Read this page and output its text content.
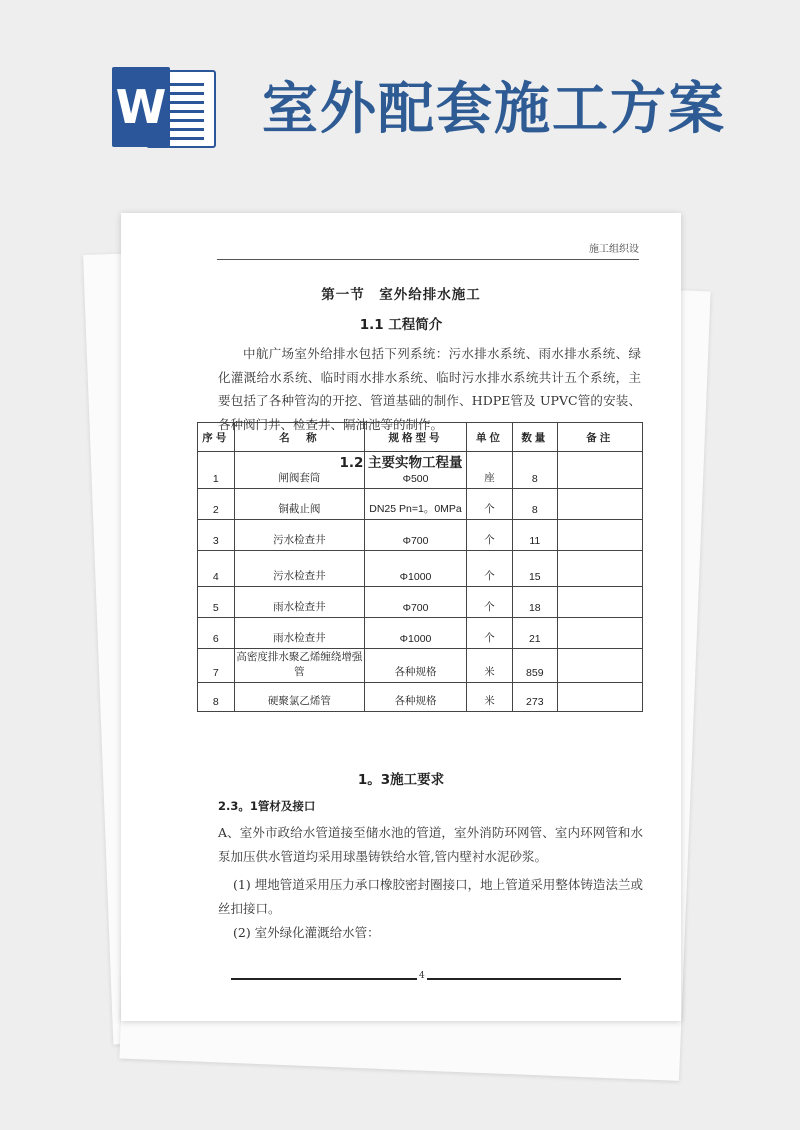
W 室外配套施工方案
施工组织设
第一节　室外给排水施工
1.1 工程简介

中航广场室外给排水包括下列系统：污水排水系统、雨水排水系统、绿化灌溉给水系统、临时雨水排水系统、临时污水排水系统共计五个系统，主要包括了各种管沟的开挖、管道基础的制作、HDPE管及 UPVC管的安装、各种阀门井、检查井、隔油池等的制作。

序号	名　称	规格型号	单位	数量	备注
1	闸阀套筒	Φ500	座	8	
2	铜截止阀	DN25 Pn=1。0MPa	个	8	
3	污水检查井	Φ700	个	11	
4	污水检查井	Φ1000	个	15	
5	雨水检查井	Φ700	个	18	
6	雨水检查井	Φ1000	个	21	
7	高密度排水聚乙烯缠绕增强管	各种规格	米	859	
8	硬聚氯乙烯管	各种规格	米	273	
1.2 主要实物工程量
1。3施工要求
2.3。1管材及接口
A、室外市政给水管道接至储水池的管道，室外消防环网管、室内环网管和水泵加压供水管道均采用球墨铸铁给水管,管内壁衬水泥砂浆。
(1) 埋地管道采用压力承口橡胶密封圈接口，地上管道采用整体铸造法兰或丝扣接口。
(2) 室外绿化灌溉给水管：
4
